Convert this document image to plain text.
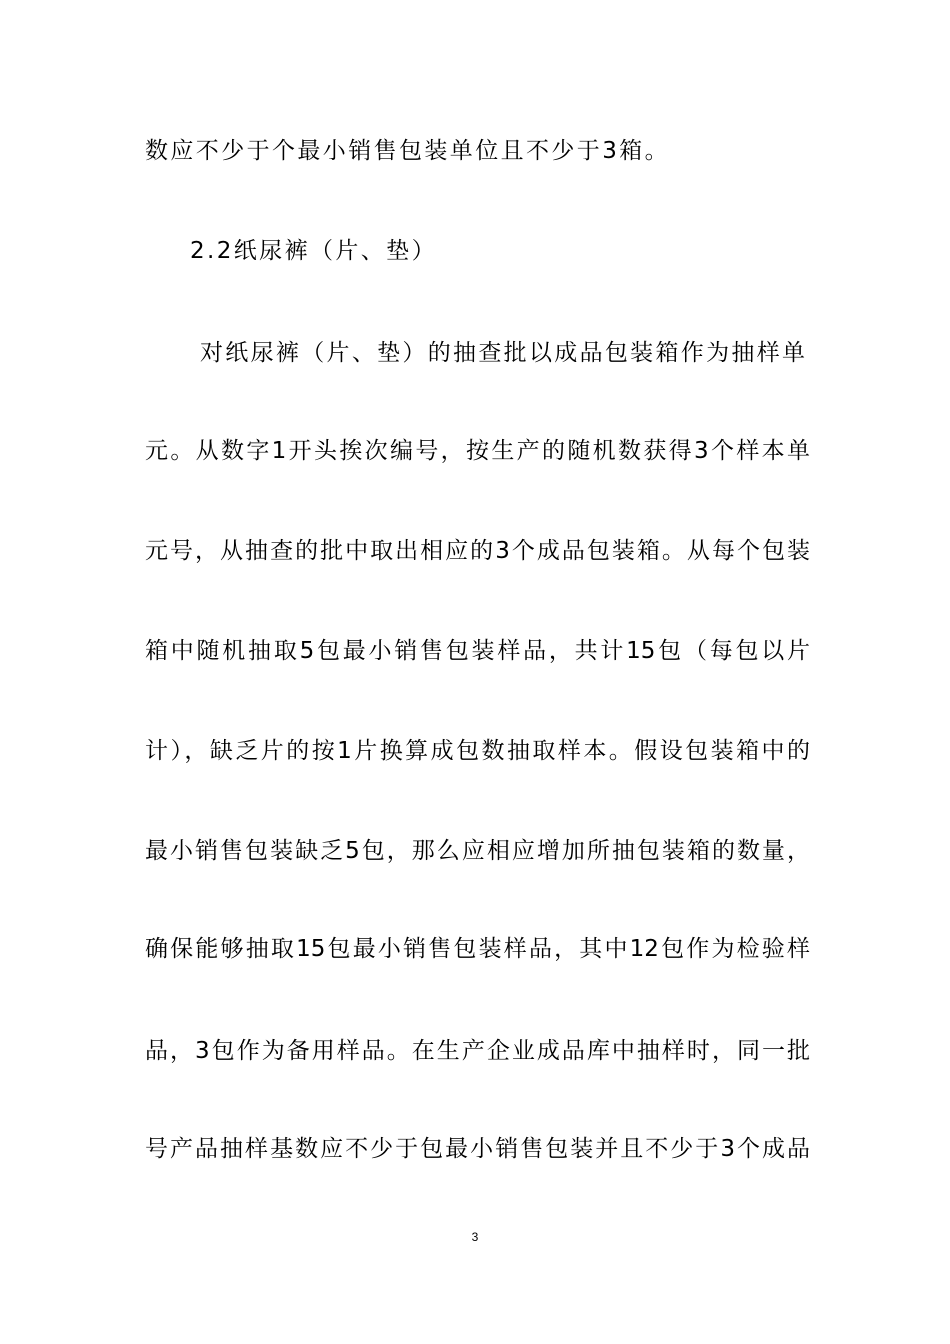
数应不少于个最小销售包装单位且不少于3箱。
2.2纸尿裤（片、垫）
对纸尿裤（片、垫）的抽查批以成品包装箱作为抽样单
元。从数字1开头挨次编号，按生产的随机数获得3个样本单
元号，从抽查的批中取出相应的3个成品包装箱。从每个包装
箱中随机抽取5包最小销售包装样品，共计15包（每包以片
计），缺乏片的按1片换算成包数抽取样本。假设包装箱中的
最小销售包装缺乏5包，那么应相应增加所抽包装箱的数量，
确保能够抽取15包最小销售包装样品，其中12包作为检验样
品，3包作为备用样品。在生产企业成品库中抽样时，同一批
号产品抽样基数应不少于包最小销售包装并且不少于3个成品
3
